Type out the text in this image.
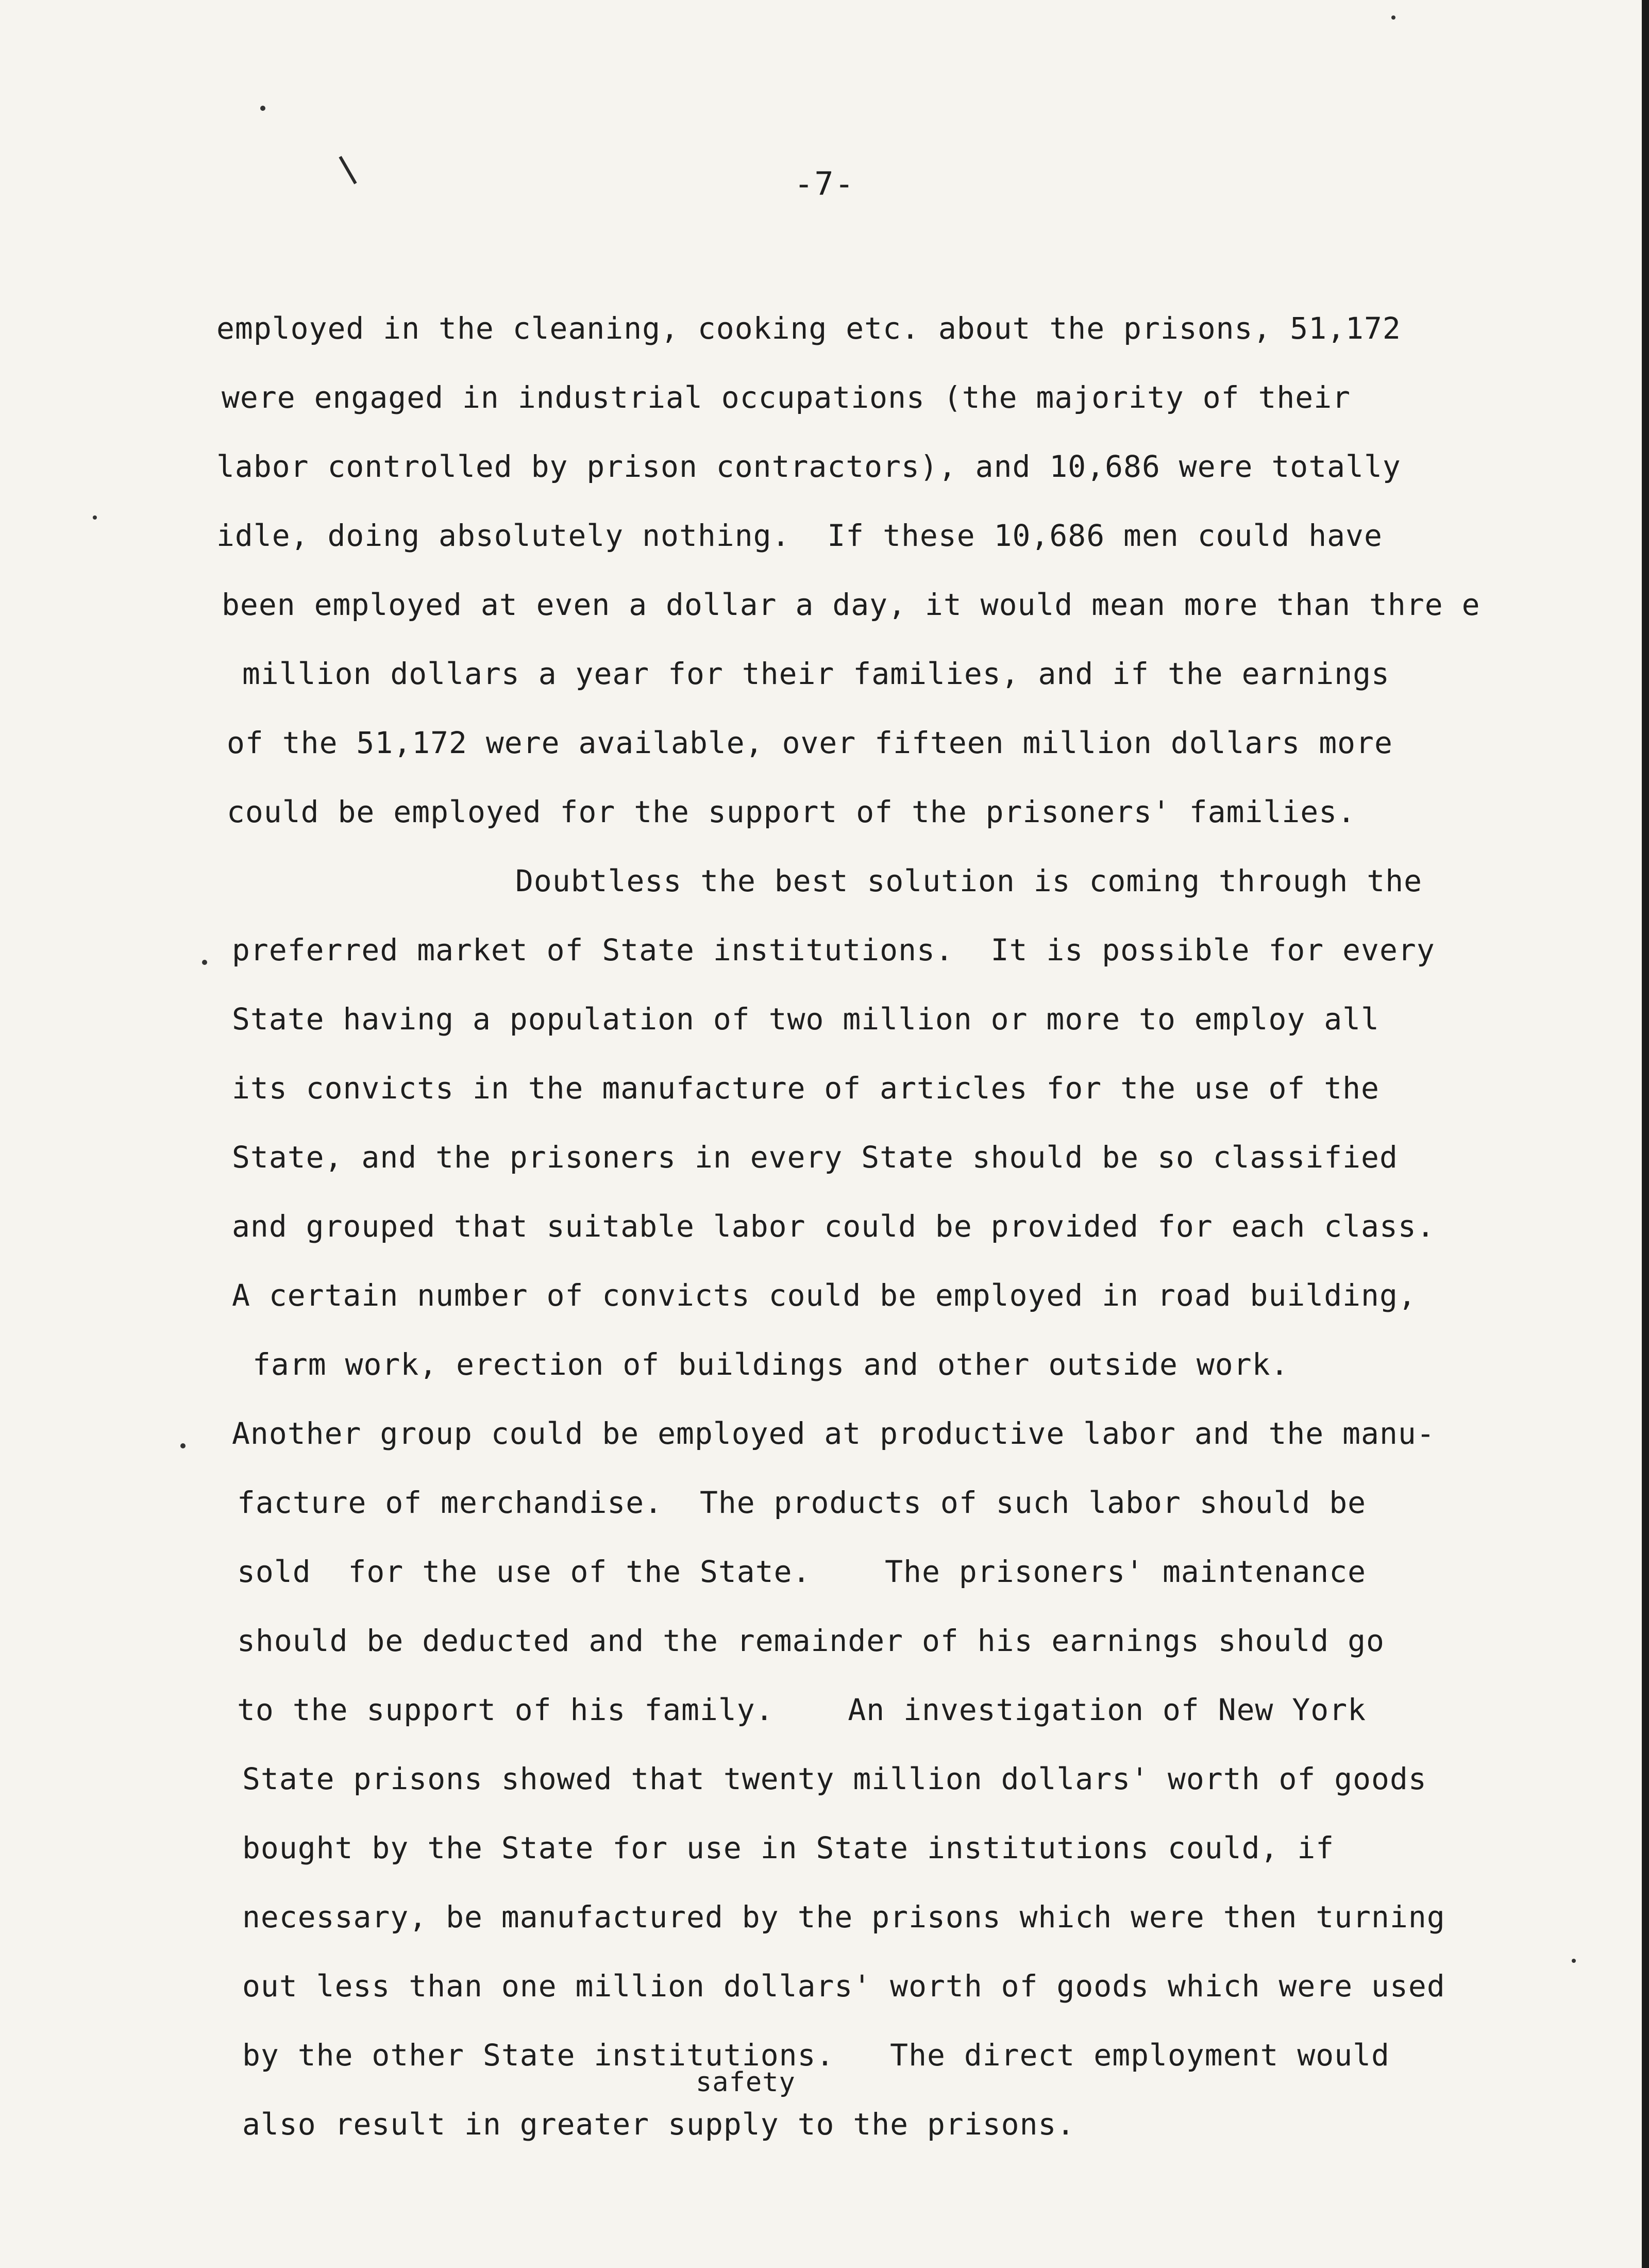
-7-
employed in the cleaning, cooking etc. about the prisons, 51,172
were engaged in industrial occupations (the majority of their
labor controlled by prison contractors), and 10,686 were totally
idle, doing absolutely nothing.  If these 10,686 men could have
been employed at even a dollar a day, it would mean more than thre e
million dollars a year for their families, and if the earnings
of the 51,172 were available, over fifteen million dollars more
could be employed for the support of the prisoners' families.
Doubtless the best solution is coming through the
preferred market of State institutions.  It is possible for every
State having a population of two million or more to employ all
its convicts in the manufacture of articles for the use of the
State, and the prisoners in every State should be so classified
and grouped that suitable labor could be provided for each class.
A certain number of convicts could be employed in road building,
farm work, erection of buildings and other outside work.
Another group could be employed at productive labor and the manu-
facture of merchandise.  The products of such labor should be
sold  for the use of the State.    The prisoners' maintenance
should be deducted and the remainder of his earnings should go
to the support of his family.    An investigation of New York
State prisons showed that twenty million dollars' worth of goods
bought by the State for use in State institutions could, if
necessary, be manufactured by the prisons which were then turning
out less than one million dollars' worth of goods which were used
by the other State institutions.   The direct employment would
also result in greater supply to the prisons.
safety
